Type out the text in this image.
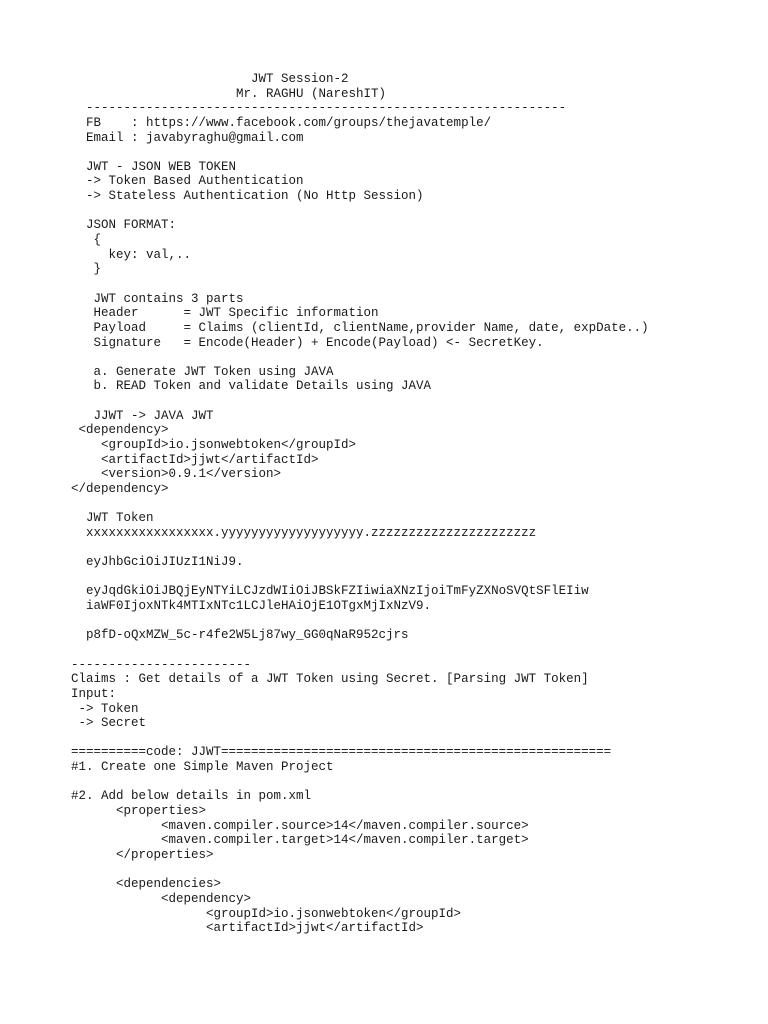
JWT Session-2
Mr. RAGHU (NareshIT)
----------------------------------------------------------------
FB    : https://www.facebook.com/groups/thejavatemple/
Email : javabyraghu@gmail.com

JWT - JSON WEB TOKEN
-> Token Based Authentication
-> Stateless Authentication (No Http Session)

JSON FORMAT:
{
key: val,..
}

JWT contains 3 parts
Header      = JWT Specific information
Payload     = Claims (clientId, clientName,provider Name, date, expDate..)
Signature   = Encode(Header) + Encode(Payload) <- SecretKey.

a. Generate JWT Token using JAVA
b. READ Token and validate Details using JAVA

JJWT -> JAVA JWT
<dependency>
<groupId>io.jsonwebtoken</groupId>
<artifactId>jjwt</artifactId>
<version>0.9.1</version>
</dependency>

JWT Token
xxxxxxxxxxxxxxxxx.yyyyyyyyyyyyyyyyyyy.zzzzzzzzzzzzzzzzzzzzzz

eyJhbGciOiJIUzI1NiJ9.

eyJqdGkiOiJBQjEyNTYiLCJzdWIiOiJBSkFZIiwiaXNzIjoiTmFyZXNoSVQtSFlEIiw
iaWF0IjoxNTk4MTIxNTc1LCJleHAiOjE1OTgxMjIxNzV9.

p8fD-oQxMZW_5c-r4fe2W5Lj87wy_GG0qNaR952cjrs

------------------------
Claims : Get details of a JWT Token using Secret. [Parsing JWT Token]
Input:
-> Token
-> Secret

==========code: JJWT====================================================
#1. Create one Simple Maven Project

#2. Add below details in pom.xml
<properties>
<maven.compiler.source>14</maven.compiler.source>
<maven.compiler.target>14</maven.compiler.target>
</properties>

<dependencies>
<dependency>
<groupId>io.jsonwebtoken</groupId>
<artifactId>jjwt</artifactId>
